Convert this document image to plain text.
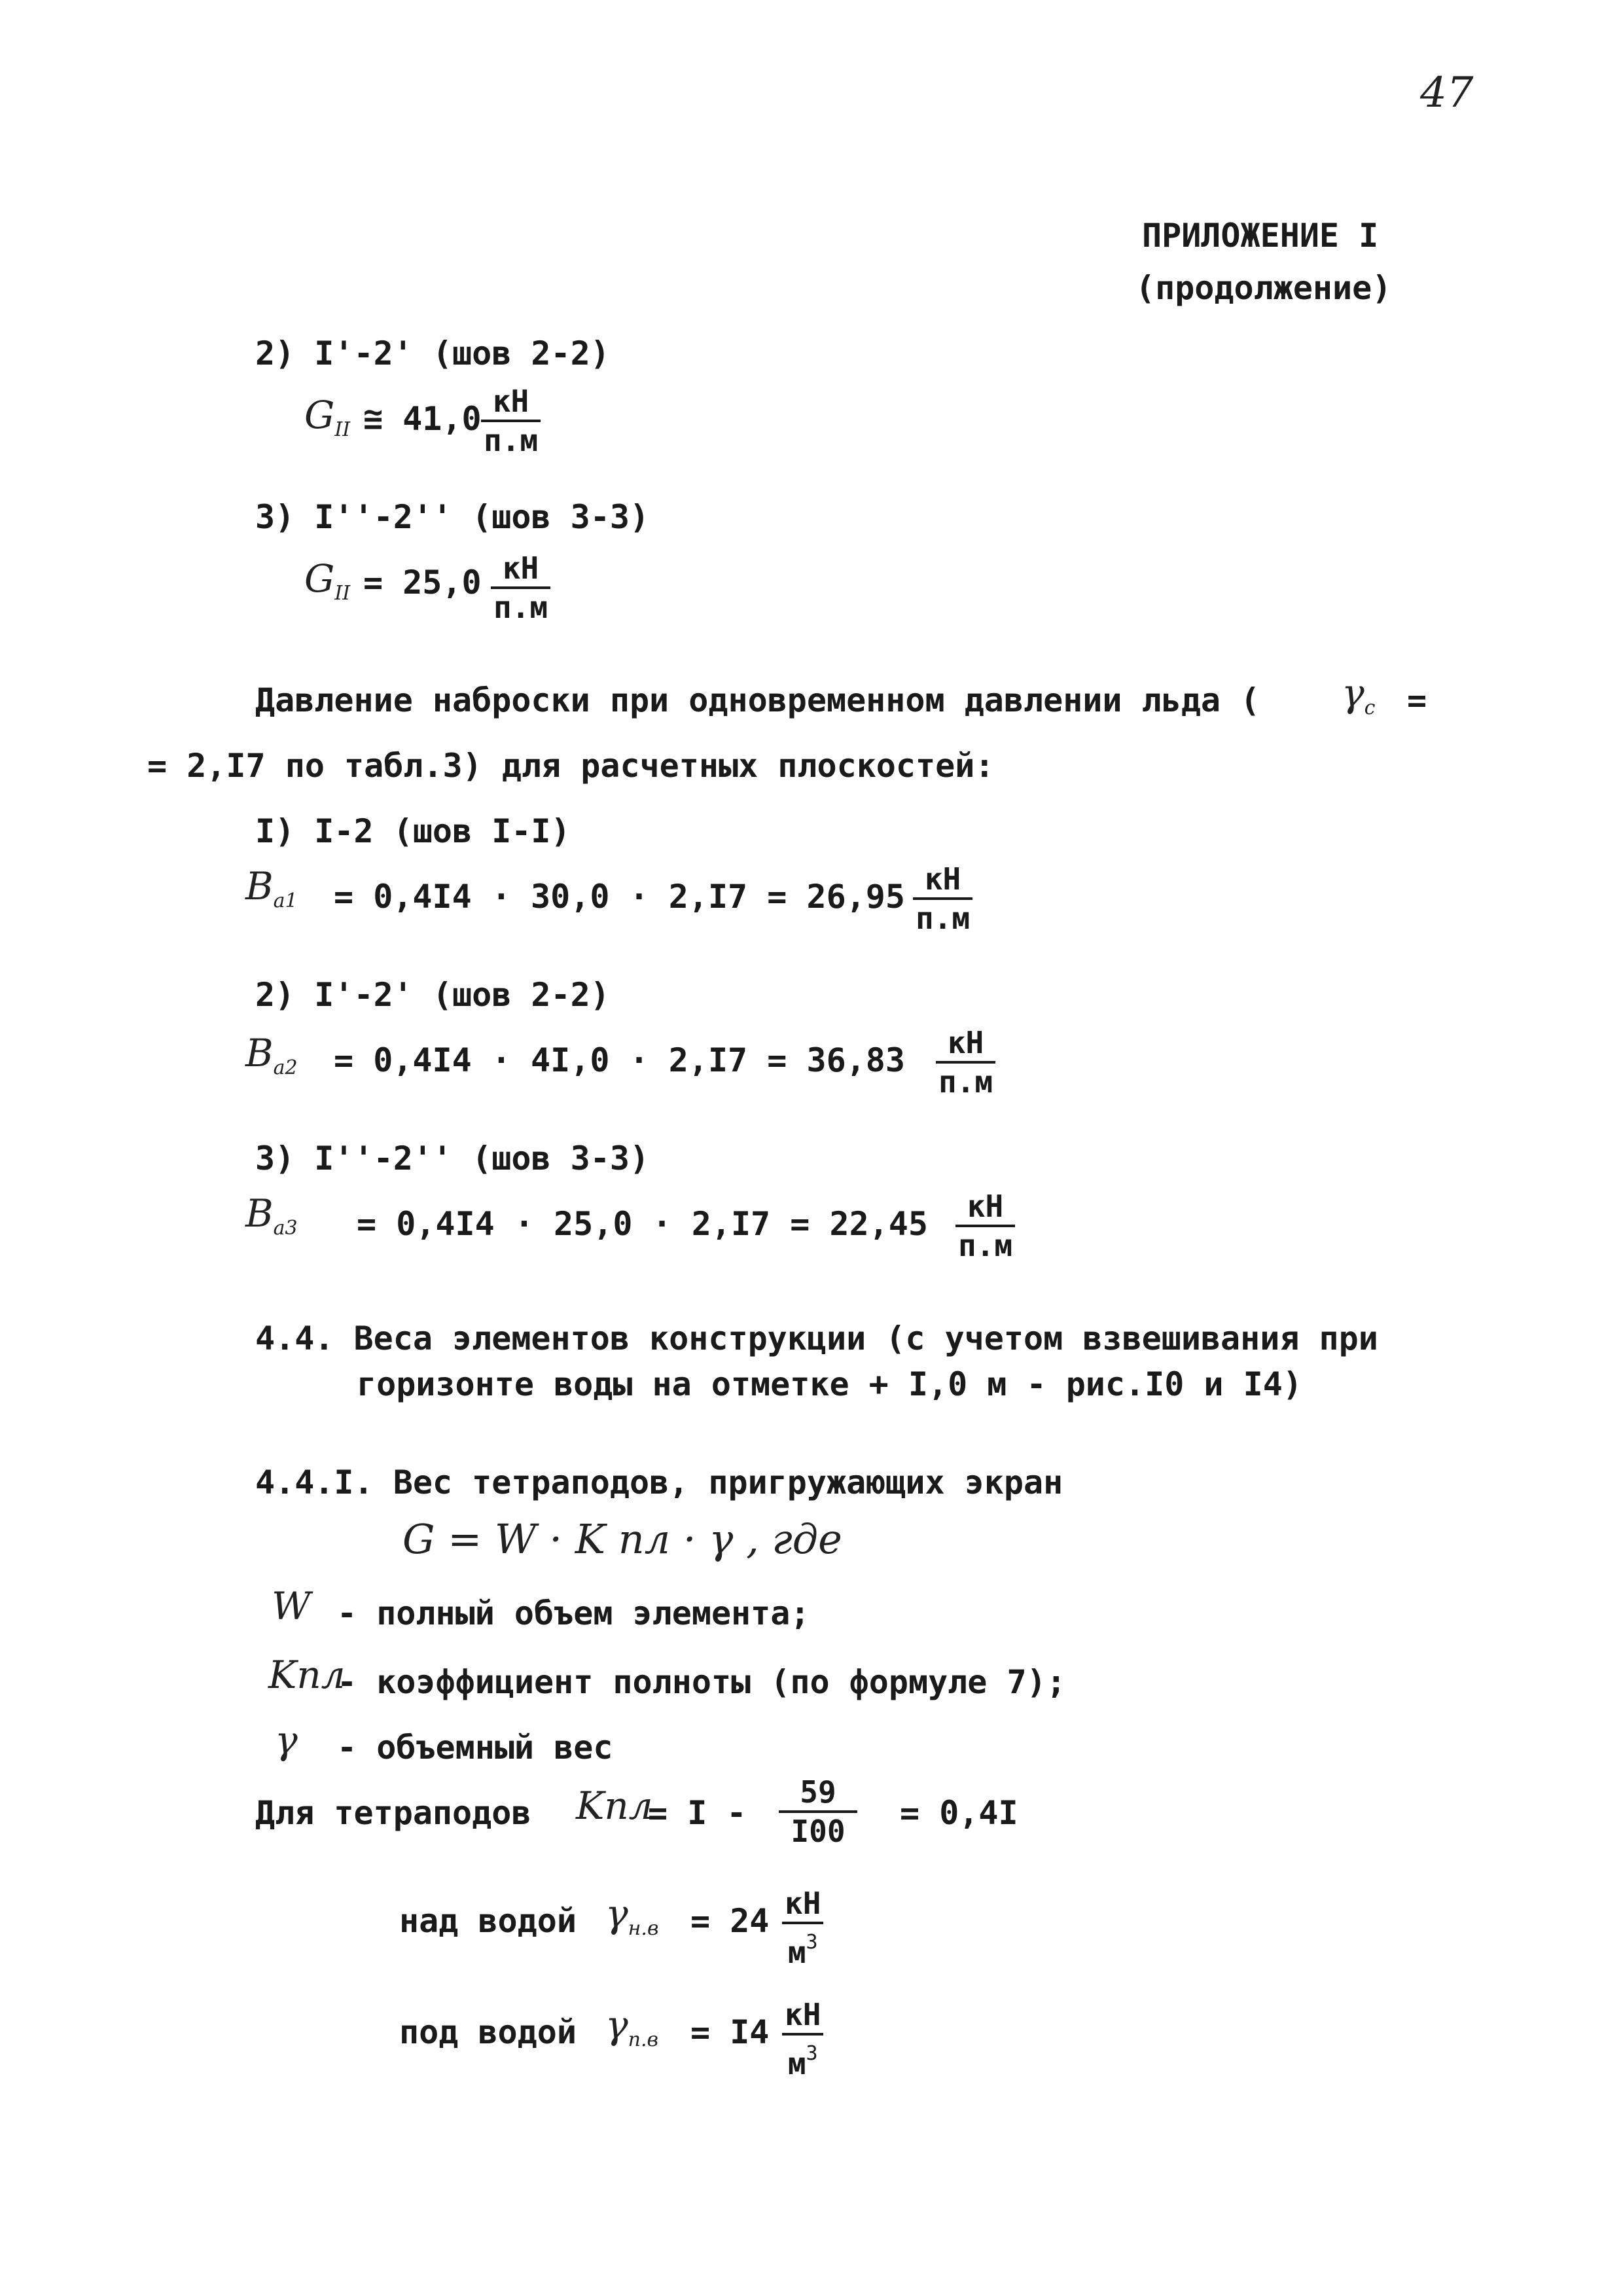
47
ПРИЛОЖЕНИЕ I
(продолжение)
2) I'-2' (шов 2-2)
$G_{II}$ ≅ 41,0 кН
п.м
3) I''-2'' (шов 3-3)
$G_{II} = 25,0$ кН
п.м
Давление наброски при одновременном давлении льда ( $\gamma_c$ =
= 2,I7 по табл.3) для расчетных плоскостей:
I) I-2 (шов I-I)
$B_{a1} = 0,4I4 \cdot 30,0 \cdot 2,I7 = 26,95$ кН
п.м
2) I'-2' (шов 2-2)
$B_{a2} = 0,4I4 \cdot 4I,0 \cdot 2,I7 = 36,83$	кН
п.м
3) I''-2'' (шов 3-3)
$B_{a3} = 0,4I4 \cdot 25,0 \cdot 2,I7 = 22,45$	кН
п.м
4.4. Веса элементов конструкции (с учетом взвешивания при
горизонте воды на отметке + I,0 м - рис.I0 и I4)
4.4.I. Вес тетраподов, пригружающих экран
G = W · K пл · γ , где
W - полный объем элемента;
Kпл
- коэффициент полноты (по формуле 7);
γ - объемный вес
Для тетраподов Kпл
= $I - \frac{59}{I00} = 0,4I$
над водой $\gamma_{н.в} = 24$ кН
$м^3$
под водой $\gamma_{п.в} = I4$ кН
$м^3$
